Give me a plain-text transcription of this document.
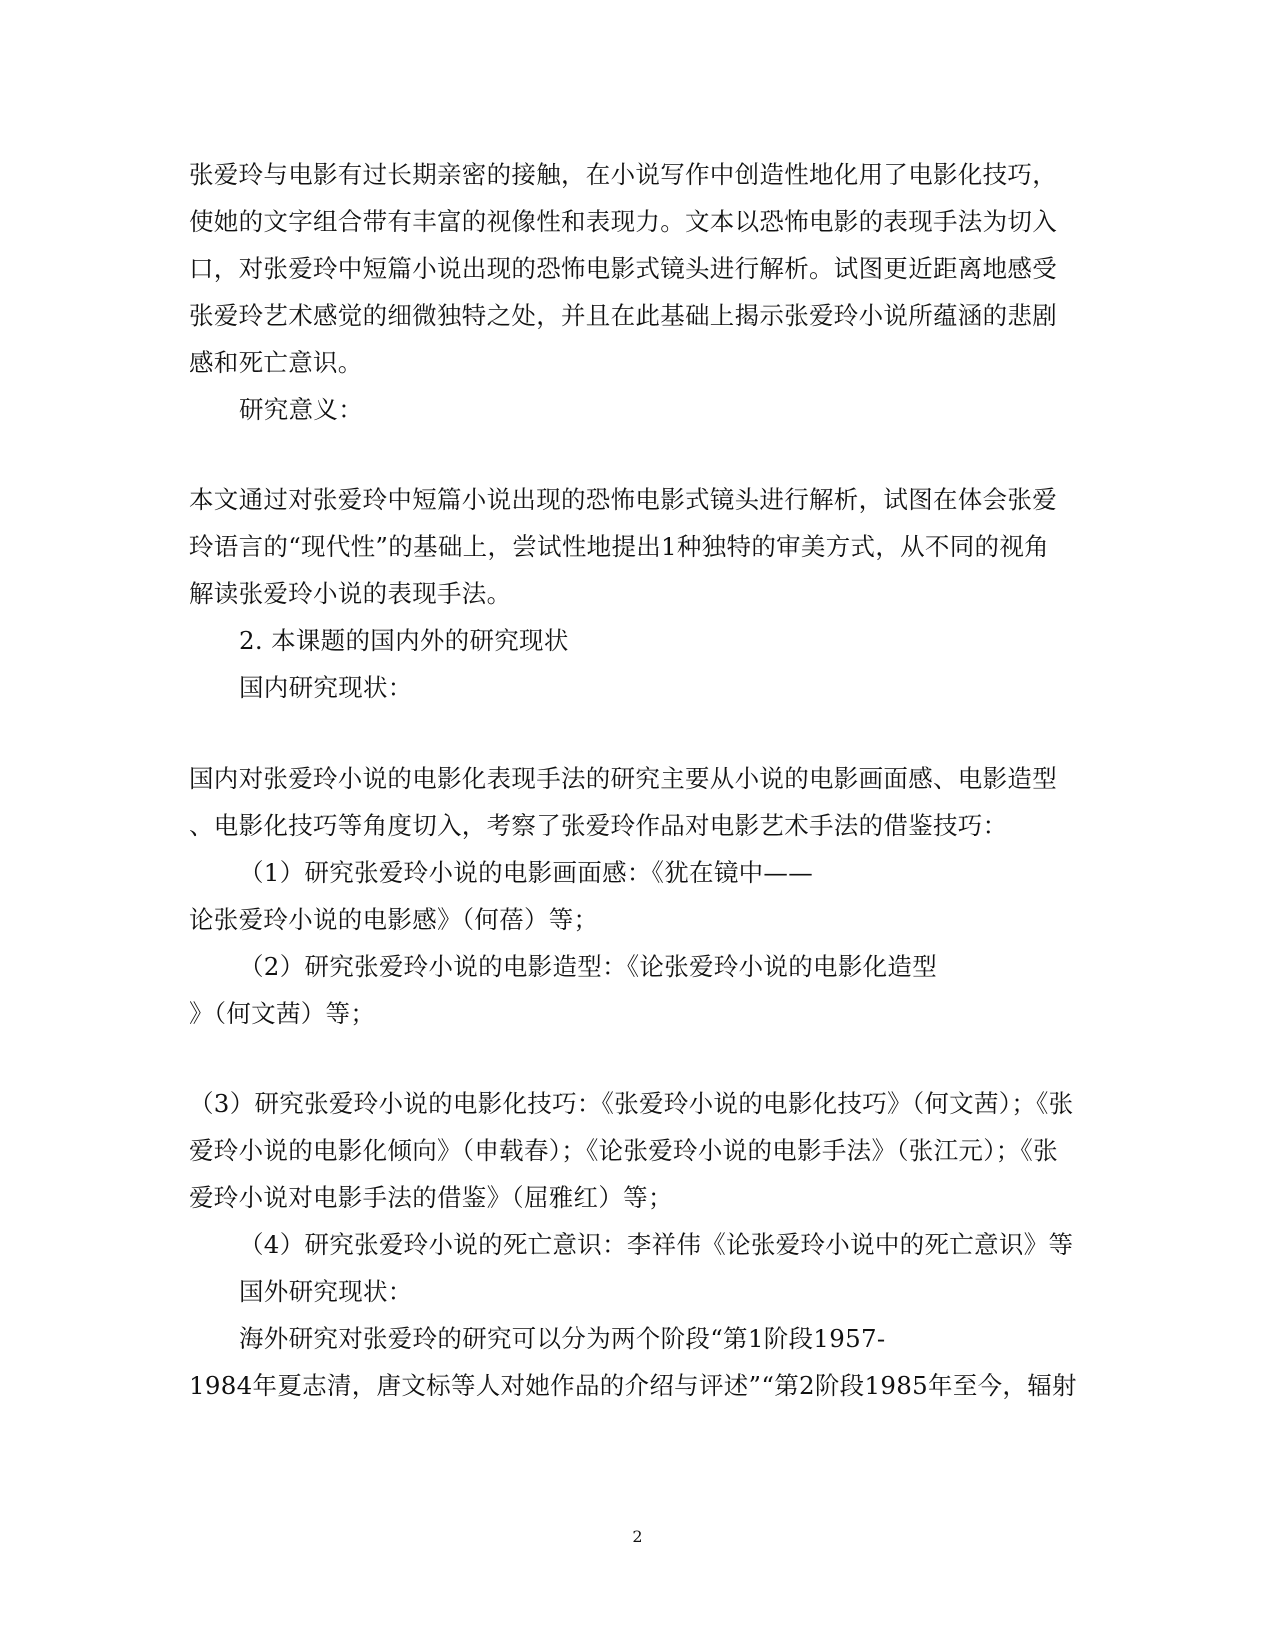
张爱玲与电影有过长期亲密的接触，在小说写作中创造性地化用了电影化技巧，
使她的文字组合带有丰富的视像性和表现力。文本以恐怖电影的表现手法为切入
口，对张爱玲中短篇小说出现的恐怖电影式镜头进行解析。试图更近距离地感受
张爱玲艺术感觉的细微独特之处，并且在此基础上揭示张爱玲小说所蕴涵的悲剧
感和死亡意识。
研究意义：
本文通过对张爱玲中短篇小说出现的恐怖电影式镜头进行解析，试图在体会张爱
玲语言的“现代性”的基础上，尝试性地提出1种独特的审美方式，从不同的视角
解读张爱玲小说的表现手法。
2. 本课题的国内外的研究现状
国内研究现状：
国内对张爱玲小说的电影化表现手法的研究主要从小说的电影画面感、电影造型
、电影化技巧等角度切入，考察了张爱玲作品对电影艺术手法的借鉴技巧：
（1）研究张爱玲小说的电影画面感：《犹在镜中——
论张爱玲小说的电影感》（何蓓）等；
（2）研究张爱玲小说的电影造型：《论张爱玲小说的电影化造型
》（何文茜）等；
（3）研究张爱玲小说的电影化技巧：《张爱玲小说的电影化技巧》（何文茜）；《张
爱玲小说的电影化倾向》（申载春）；《论张爱玲小说的电影手法》（张江元）；《张
爱玲小说对电影手法的借鉴》（屈雅红）等；
（4）研究张爱玲小说的死亡意识：李祥伟《论张爱玲小说中的死亡意识》等
国外研究现状：
海外研究对张爱玲的研究可以分为两个阶段“第1阶段1957-
1984年夏志清，唐文标等人对她作品的介绍与评述”“第2阶段1985年至今，辐射
2
